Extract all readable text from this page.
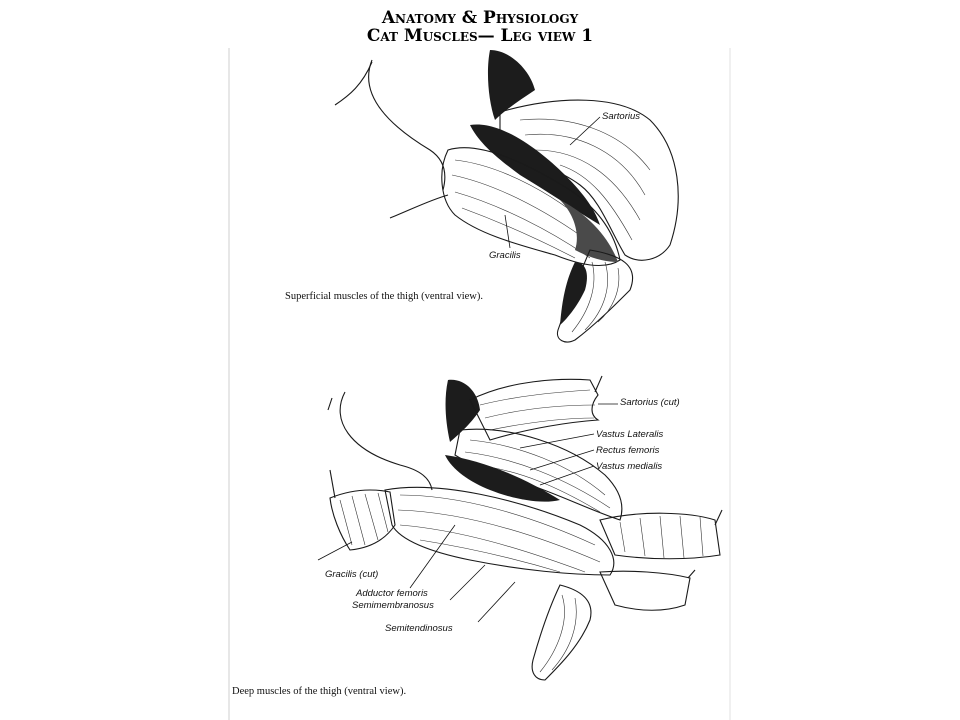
Anatomy & Physiology
Cat Muscles— Leg view 1
Sartorius
Gracilis
Superficial muscles of the thigh (ventral view).
Sartorius (cut)
Vastus Lateralis
Rectus femoris
Vastus medialis
Gracilis (cut)
Adductor femoris
Semimembranosus
Semitendinosus
Deep muscles of the thigh (ventral view).
